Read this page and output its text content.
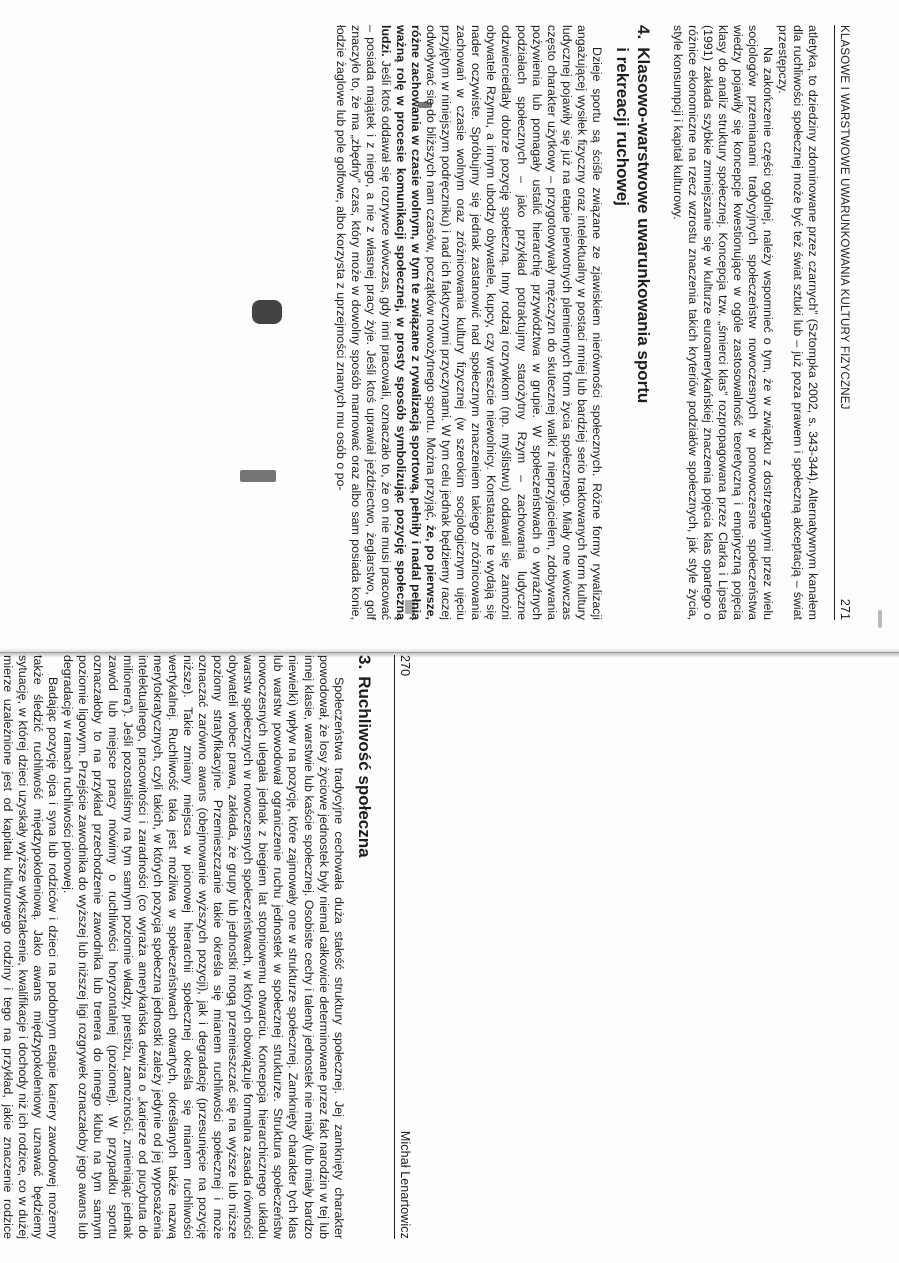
270
Michał Lenartowicz
3.Ruchliwość społeczna

Społeczeństwa tradycyjne cechowała duża stałość struktury społecznej. Jej zamknięty charakter powodował, że losy życiowe jednostek były niemal całkowicie determinowane przez fakt narodzin w tej lub innej klasie, warstwie lub kaście społecznej. Osobiste cechy i talenty jednostek nie miały (lub miały bardzo niewielki) wpływ na pozycję, które zajmowały one w strukturze społecznej. Zamknięty charakter tych klas lub warstw powodował ograniczenie ruchu jednostek w społecznej strukturze. Struktura społeczeństw nowoczesnych ulegała jednak z biegiem lat stopniowemu otwarciu. Koncepcja hierarchicznego układu warstw społecznych w nowoczesnych społeczeństwach, w których obowiązuje formalna zasada równości obywateli wobec prawa, zakłada, że grupy lub jednostki mogą przemieszczać się na wyższe lub niższe poziomy stratyfikacyjne. Przemieszczanie takie określa się mianem ruchliwości społecznej i może oznaczać zarówno awans (obejmowanie wyższych pozycji), jak i degradację (przesunięcie na pozycję niższe). Takie zmiany miejsca w pionowej hierarchii społecznej określa się mianem ruchliwości wertykalnej. Ruchliwość taka jest możliwa w społeczeństwach otwartych, określanych także nazwą merytokratycznych, czyli takich, w których pozycja społeczna jednostki zależy jedynie od jej wyposażenia intelektualnego, pracowitości i zaradności (co wyraża amerykańska dewiza o „karierze od pucybuta do milionera”). Jeśli pozostaliśmy na tym samym poziomie władzy, prestiżu, zamożności, zmieniając jednak zawód lub miejsce pracy mówimy o ruchliwości horyzontalnej (poziomej). W przypadku sportu oznaczałoby to na przykład przechodzenie zawodnika lub trenera do innego klubu na tym samym poziomie ligowym. Przejście zawodnika do wyższej lub niższej ligi rozgrywek oznaczałoby jego awans lub degradację w ramach ruchliwości pionowej.

Badając pozycję ojca i syna lub rodziców i dzieci na podobnym etapie kariery zawodowej możemy także śledzić ruchliwość międzypokoleniową. Jako awans międzypokoleniowy uznawać będziemy sytuację, w której dzieci uzyskały wyższe wykształcenie, kwalifikacje i dochody niż ich rodzice, co w dużej mierze uzależnione jest od kapitału kulturowego rodziny i tego na przykład, jakie znaczenie rodzice

KLASOWE I WARSTWOWE UWARUNKOWANIA KULTURY FIZYCZNEJ
271

atletyka, to dziedziny zdominowane przez czarnych” (Sztompka 2002, s. 343-344). Alternatywnym kanałem dla ruchliwości społecznej może być też świat sztuki lub – już poza prawem i społeczną akceptacją – świat przestępczy.

Na zakończenie części ogólnej, należy wspomnieć o tym, że w związku z dostrzeganymi przez wielu socjologów przemianami tradycyjnych społeczeństw nowoczesnych w ponowoczesne społeczeństwa wiedzy pojawiły się koncepcje kwestionujące w ogóle zastosowalność teoretyczną i empiryczną pojęcia klasy do analiz struktury społecznej. Koncepcja tzw. „śmierci klas” rozpropagowana przez Clarka i Lipseta (1991) zakłada szybkie zmniejszanie się w kulturze euroamerykańskiej znaczenia pojęcia klas opartego o różnice ekonomiczne na rzecz wzrostu znaczenia takich kryteriów podziałów społecznych, jak style życia, style konsumpcji i kapitał kulturowy.

4.
Klasowo-warstwowe uwarunkowania sportu
i rekreacji ruchowej

Dzieje sportu są ściśle związane ze zjawiskiem nierówności społecznych. Różne formy rywalizacji angażującej wysiłek fizyczny oraz intelektualny w postaci mniej lub bardziej serio traktowanych form kultury ludycznej pojawiły się już na etapie pierwotnych plemiennych form życia społecznego. Miały one wówczas często charakter użytkowy – przygotowywały mężczyzn do skutecznej walki z nieprzyjacielem, zdobywania pożywienia lub pomagały ustalić hierarchię przywództwa w grupie. W społeczeństwach o wyraźnych podziałach społecznych – jako przykład potraktujmy starożytny Rzym – zachowania ludyczne odzwierciedlały dobrze pozycję społeczną. Inny rodzaj rozrywkom (np. myślistwu) oddawali się zamożni obywatele Rzymu, a innym ubodzy obywatele, kupcy, czy wreszcie niewolnicy. Konstatacje te wydają się nader oczywiste. Spróbujmy się jednak zastanowić nad społecznym znaczeniem takiego zróżnicowania zachowań w czasie wolnym oraz zróżnicowania kultury fizycznej (w szerokim socjologicznym ujęciu przyjętym w niniejszym podręczniku) i nad ich faktycznymi przyczynami. W tym celu jednak będziemy raczej odwoływać się do bliższych nam czasów, początków nowożytnego sportu. Można przyjąć, że, po pierwsze, różne zachowania w czasie wolnym, w tym te związane z rywalizacją sportową, pełniły i nadal pełnią ważną rolę w procesie komunikacji społecznej, w prosty sposób symbolizując pozycję społeczną ludzi. Jeśli ktoś oddawał się rozrywce wówczas, gdy inni pracowali, oznaczało to, że on nie musi pracować – posiada majątek i z niego, a nie z własnej pracy żyje. Jeśli ktoś uprawiał jeździectwo, żeglarstwo, golf znaczyło to, że ma „zbędny” czas, który może w dowolny sposób marnować oraz albo sam posiada konie, łodzie żaglowe lub pole golfowe, albo korzysta z uprzejmości znanych mu osób o po-
